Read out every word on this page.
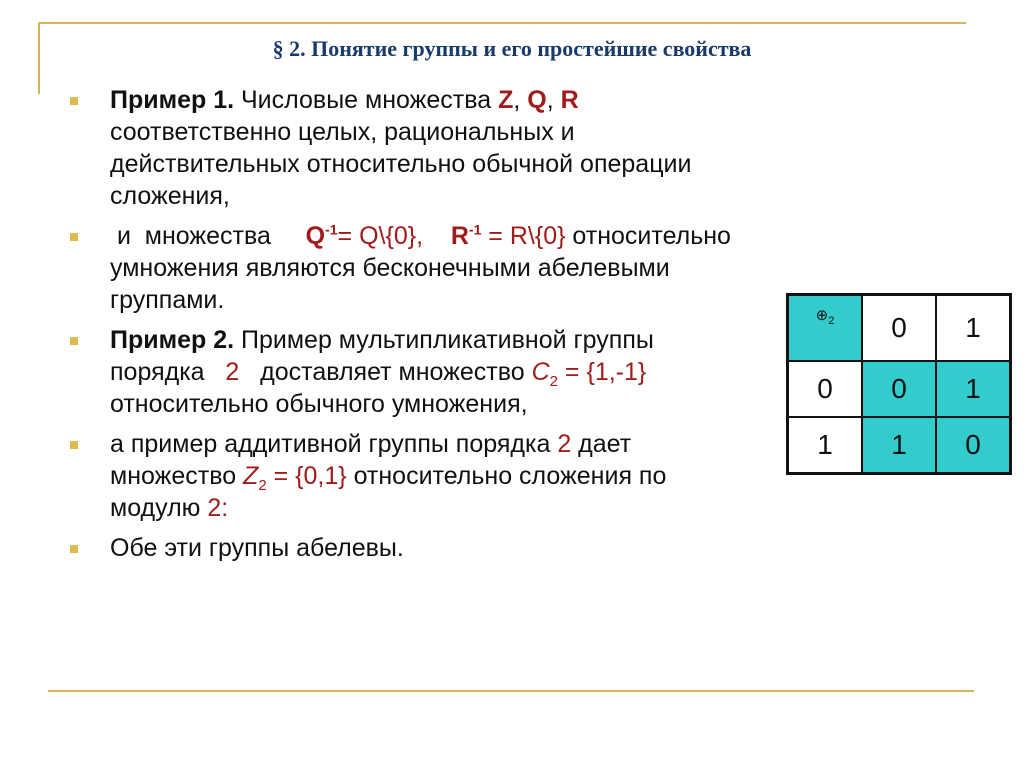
§ 2. Понятие группы и его простейшие свойства
Пример 1. Числовые множества Z, Q, R соответственно целых, рациональных и действительных относительно обычной операции сложения,
и  множества     $Q^{-1}=$ Q\{0}, $R^{-1}$ = R\{0} относительно умножения являются бесконечными абелевыми группами.
Пример 2. Пример мультипликативной группы порядка   2   доставляет множество $C_2 = \{1,-1\}$ относительно обычного умножения,
а пример аддитивной группы порядка 2 дает множество $Z_2 = \{0,1\}$ относительно сложения по модулю 2:
Обе эти группы абелевы.
$\oplus_2$	0	1
0	0	1
1	1	0
